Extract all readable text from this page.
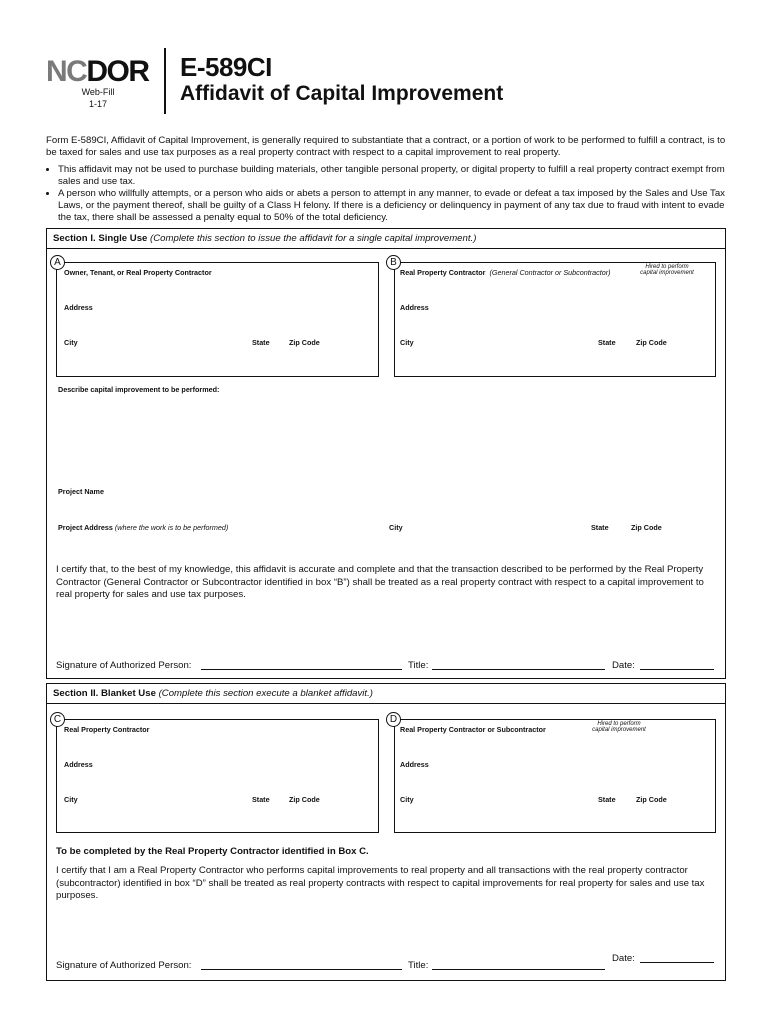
NCDOR
Web-Fill
1-17
E-589CI
Affidavit of Capital Improvement

Form E-589CI, Affidavit of Capital Improvement, is generally required to substantiate that a contract, or a portion of work to be performed to fulfill a contract, is to be taxed for sales and use tax purposes as a real property contract with respect to a capital improvement to real property.

• This affidavit may not be used to purchase building materials, other tangible personal property, or digital property to fulfill a real property contract exempt from sales and use tax.
• A person who willfully attempts, or a person who aids or abets a person to attempt in any manner, to evade or defeat a tax imposed by the Sales and Use Tax Laws, or the payment thereof, shall be guilty of a Class H felony. If there is a deficiency or delinquency in payment of any tax due to fraud with intent to evade the tax, there shall be assessed a penalty equal to 50% of the total deficiency.
Section I. Single Use (Complete this section to issue the affidavit for a single capital improvement.)
A
Owner, Tenant, or Real Property Contractor
Address
City	State	Zip Code
B
Real Property Contractor (General Contractor or Subcontractor)
Hired to perform
capital improvement
Address
City	State	Zip Code
Describe capital improvement to be performed:
Project Name
Project Address (where the work is to be performed)	City	State	Zip Code
I certify that, to the best of my knowledge, this affidavit is accurate and complete and that the transaction described to be performed by the Real Property Contractor (General Contractor or Subcontractor identified in box “B”) shall be treated as a real property contract with respect to a capital improvement to real property for sales and use tax purposes.
Signature of Authorized Person:	Title:	Date:
Section II. Blanket Use (Complete this section execute a blanket affidavit.)
C
Real Property Contractor
Address
City	State	Zip Code
D
Real Property Contractor or Subcontractor
Hired to perform
capital improvement
Address
City	State	Zip Code
To be completed by the Real Property Contractor identified in Box C.
I certify that I am a Real Property Contractor who performs capital improvements to real property and all transactions with the real property contractor (subcontractor) identified in box “D” shall be treated as real property contracts with respect to capital improvements for real property for sales and use tax purposes.
Date:
Signature of Authorized Person:	Title:
